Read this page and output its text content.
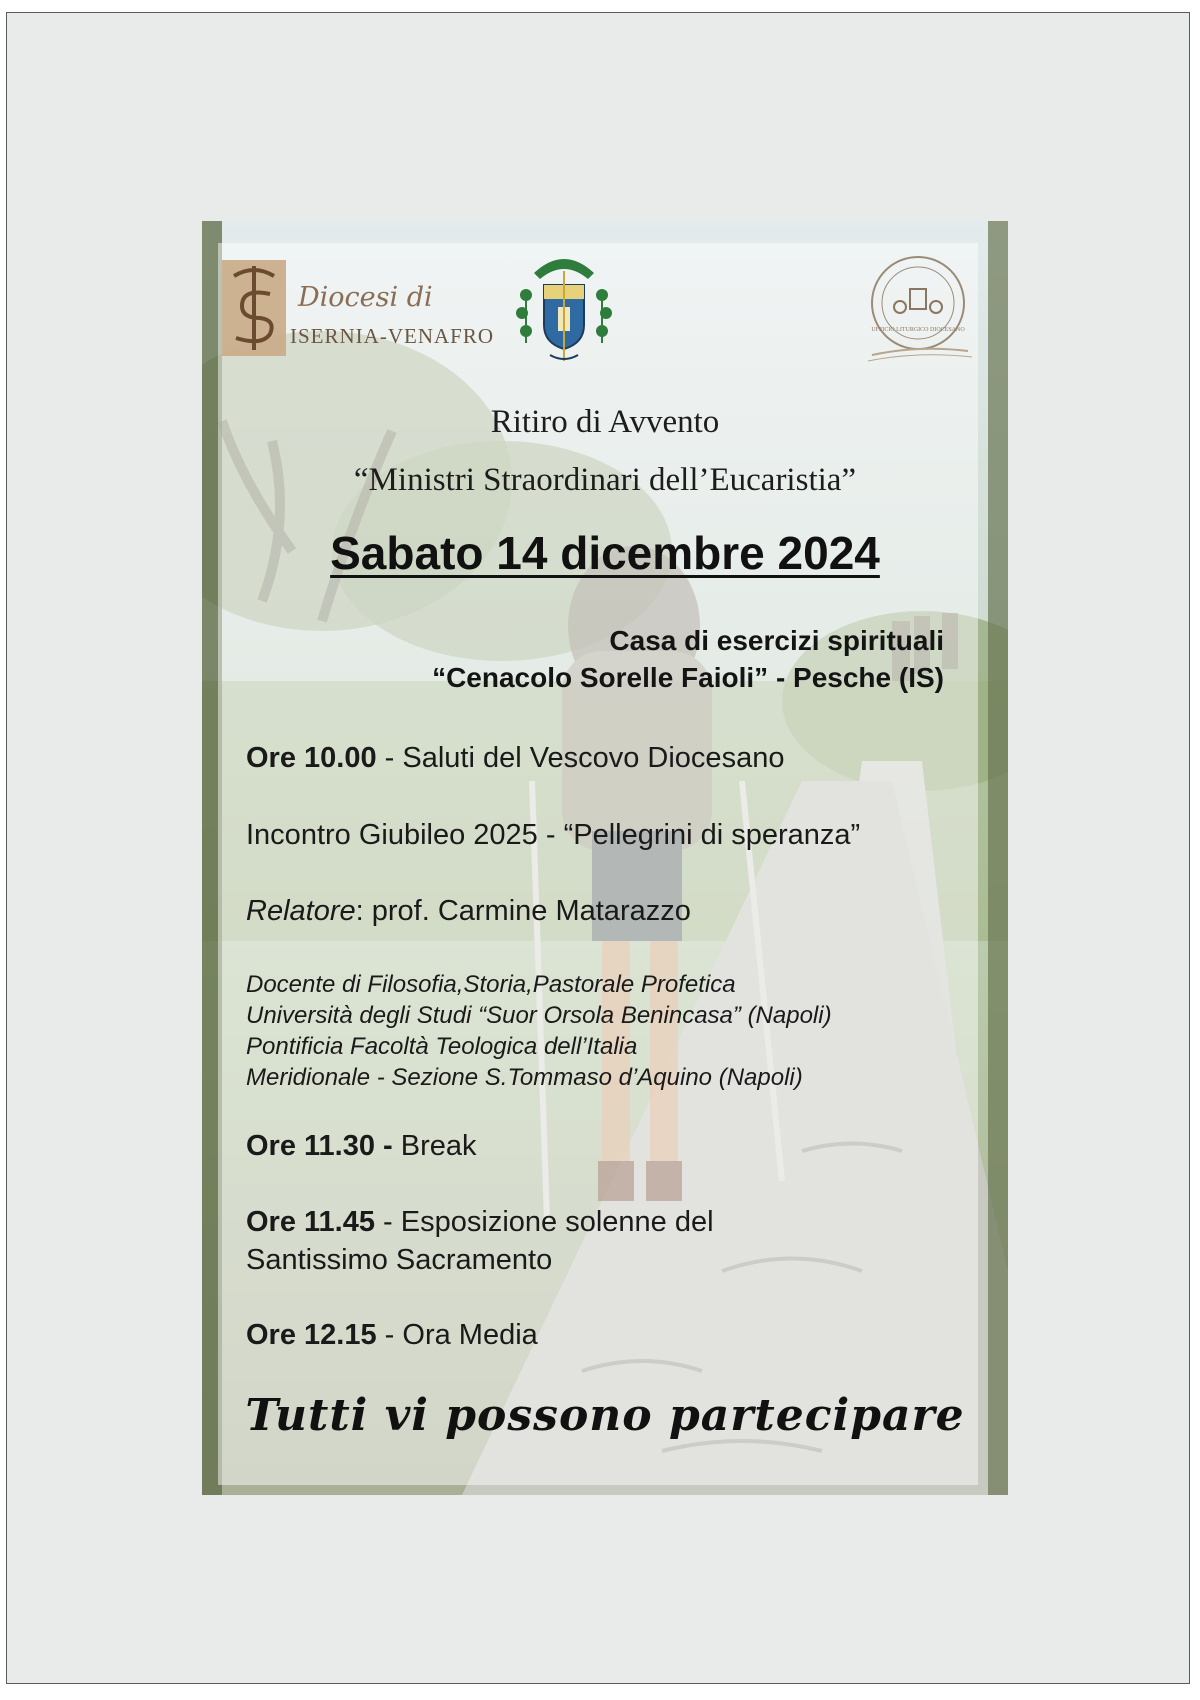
Diocesi di
ISERNIA-VENAFRO	UFFICIO LITURGICO DIOCESANO

Ritiro di Avvento

“Ministri Straordinari dell’Eucaristia”

Sabato 14 dicembre 2024

Casa di esercizi spirituali
“Cenacolo Sorelle Faioli” - Pesche (IS)

Ore 10.00 - Saluti del Vescovo Diocesano

Incontro Giubileo 2025 - “Pellegrini di speranza”

Relatore: prof. Carmine Matarazzo

Docente di Filosofia,Storia,Pastorale Profetica
Università degli Studi “Suor Orsola Benincasa” (Napoli)
Pontificia Facoltà Teologica dell’Italia
Meridionale - Sezione S.Tommaso d’Aquino (Napoli)

Ore 11.30 - Break

Ore 11.45 - Esposizione solenne del
Santissimo Sacramento

Ore 12.15 - Ora Media

Tutti vi possono partecipare
